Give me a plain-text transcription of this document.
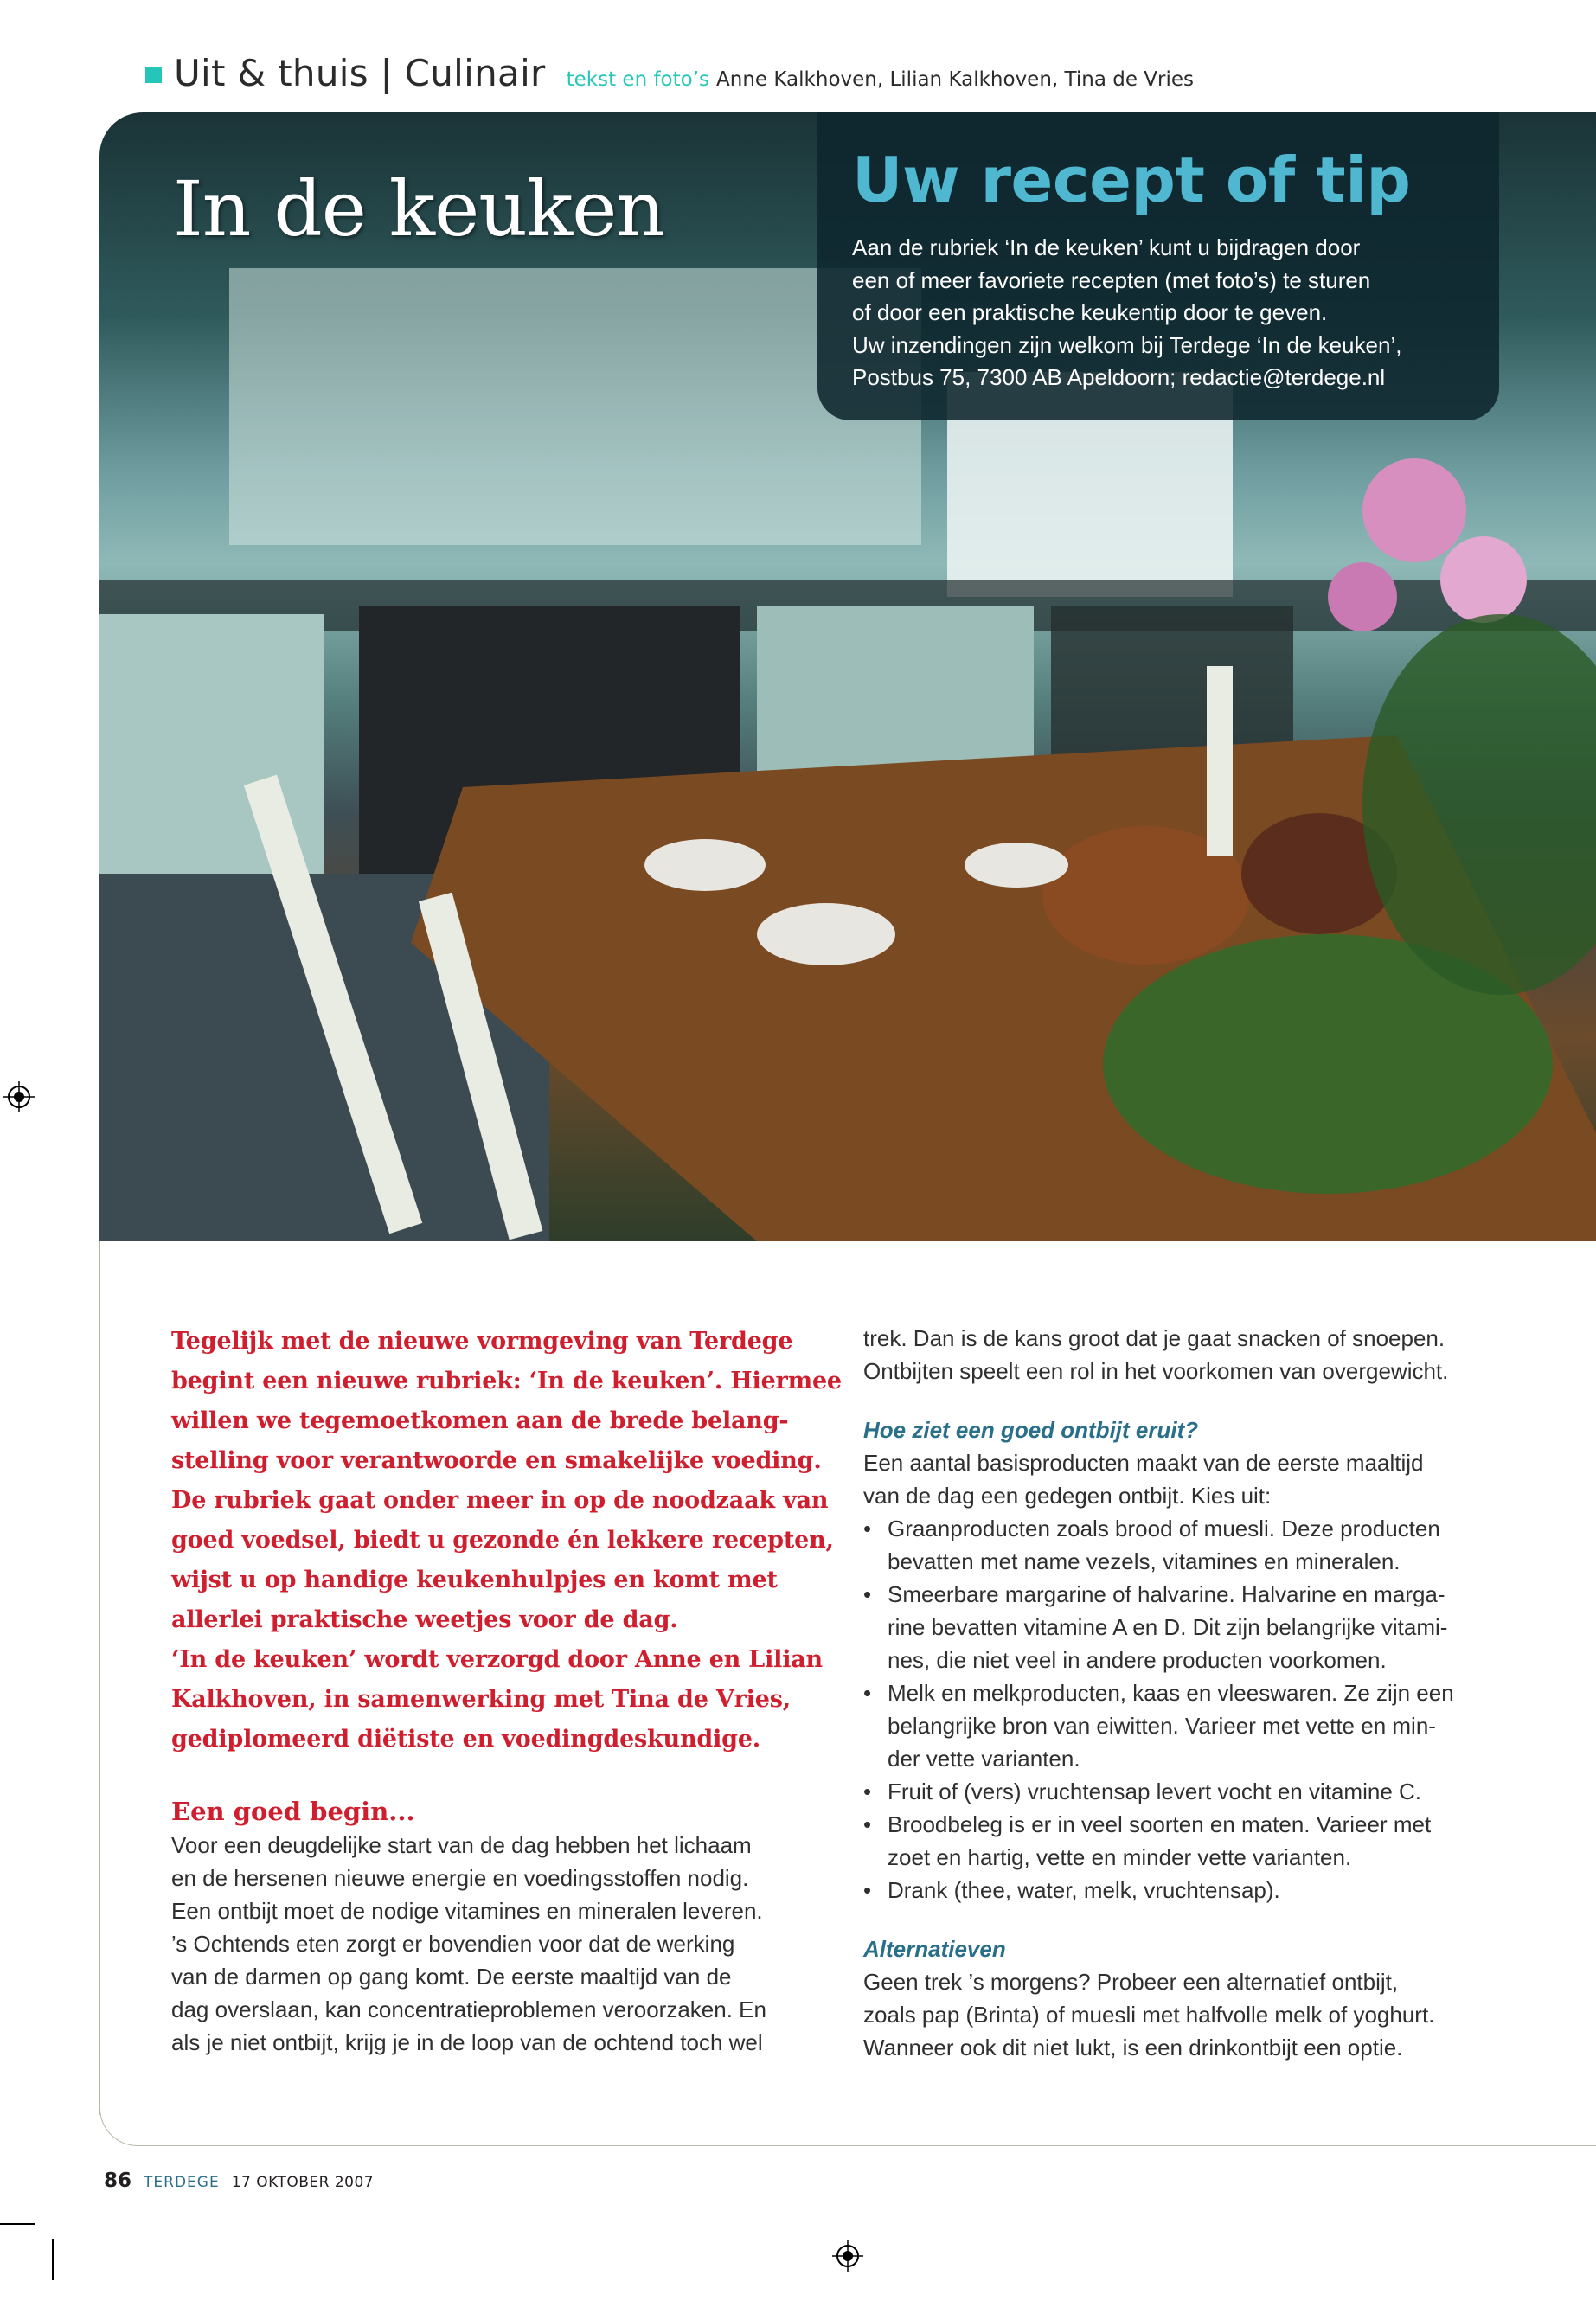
Uit & thuis | Culinair tekst en foto’s Anne Kalkhoven, Lilian Kalkhoven, Tina de Vries
In de keuken	Uw recept of tip
Aan de rubriek ‘In de keuken’ kunt u bijdragen door
een of meer favoriete recepten (met foto’s) te sturen
of door een praktische keukentip door te geven.
Uw inzendingen zijn welkom bij Terdege ‘In de keuken’,
Postbus 75, 7300 AB Apeldoorn; redactie@terdege.nl
Tegelijk met de nieuwe vormgeving van Terdege
begint een nieuwe rubriek: ‘In de keuken’. Hiermee
willen we tegemoetkomen aan de brede belang-
stelling voor verantwoorde en smakelijke voeding.
De rubriek gaat onder meer in op de noodzaak van
goed voedsel, biedt u gezonde én lekkere recepten,
wijst u op handige keukenhulpjes en komt met
allerlei praktische weetjes voor de dag.
‘In de keuken’ wordt verzorgd door Anne en Lilian
Kalkhoven, in samenwerking met Tina de Vries,
gediplomeerd diëtiste en voedingdeskundige.
Een goed begin...
Voor een deugdelijke start van de dag hebben het lichaam
en de hersenen nieuwe energie en voedingsstoffen nodig.
Een ontbijt moet de nodige vitamines en mineralen leveren.
’s Ochtends eten zorgt er bovendien voor dat de werking
van de darmen op gang komt. De eerste maaltijd van de
dag overslaan, kan concentratieproblemen veroorzaken. En
als je niet ontbijt, krijg je in de loop van de ochtend toch wel
trek. Dan is de kans groot dat je gaat snacken of snoepen.
Ontbijten speelt een rol in het voorkomen van overgewicht.
Hoe ziet een goed ontbijt eruit?
Een aantal basisproducten maakt van de eerste maaltijd
van de dag een gedegen ontbijt. Kies uit:
• Graanproducten zoals brood of muesli. Deze producten
bevatten met name vezels, vitamines en mineralen.
• Smeerbare margarine of halvarine. Halvarine en marga-
rine bevatten vitamine A en D. Dit zijn belangrijke vitami-
nes, die niet veel in andere producten voorkomen.
• Melk en melkproducten, kaas en vleeswaren. Ze zijn een
belangrijke bron van eiwitten. Varieer met vette en min-
der vette varianten.
• Fruit of (vers) vruchtensap levert vocht en vitamine C.
• Broodbeleg is er in veel soorten en maten. Varieer met
zoet en hartig, vette en minder vette varianten.
• Drank (thee, water, melk, vruchtensap).
Alternatieven
Geen trek ’s morgens? Probeer een alternatief ontbijt,
zoals pap (Brinta) of muesli met halfvolle melk of yoghurt.
Wanneer ook dit niet lukt, is een drinkontbijt een optie.
86 TERDEGE 17 OKTOBER 2007
